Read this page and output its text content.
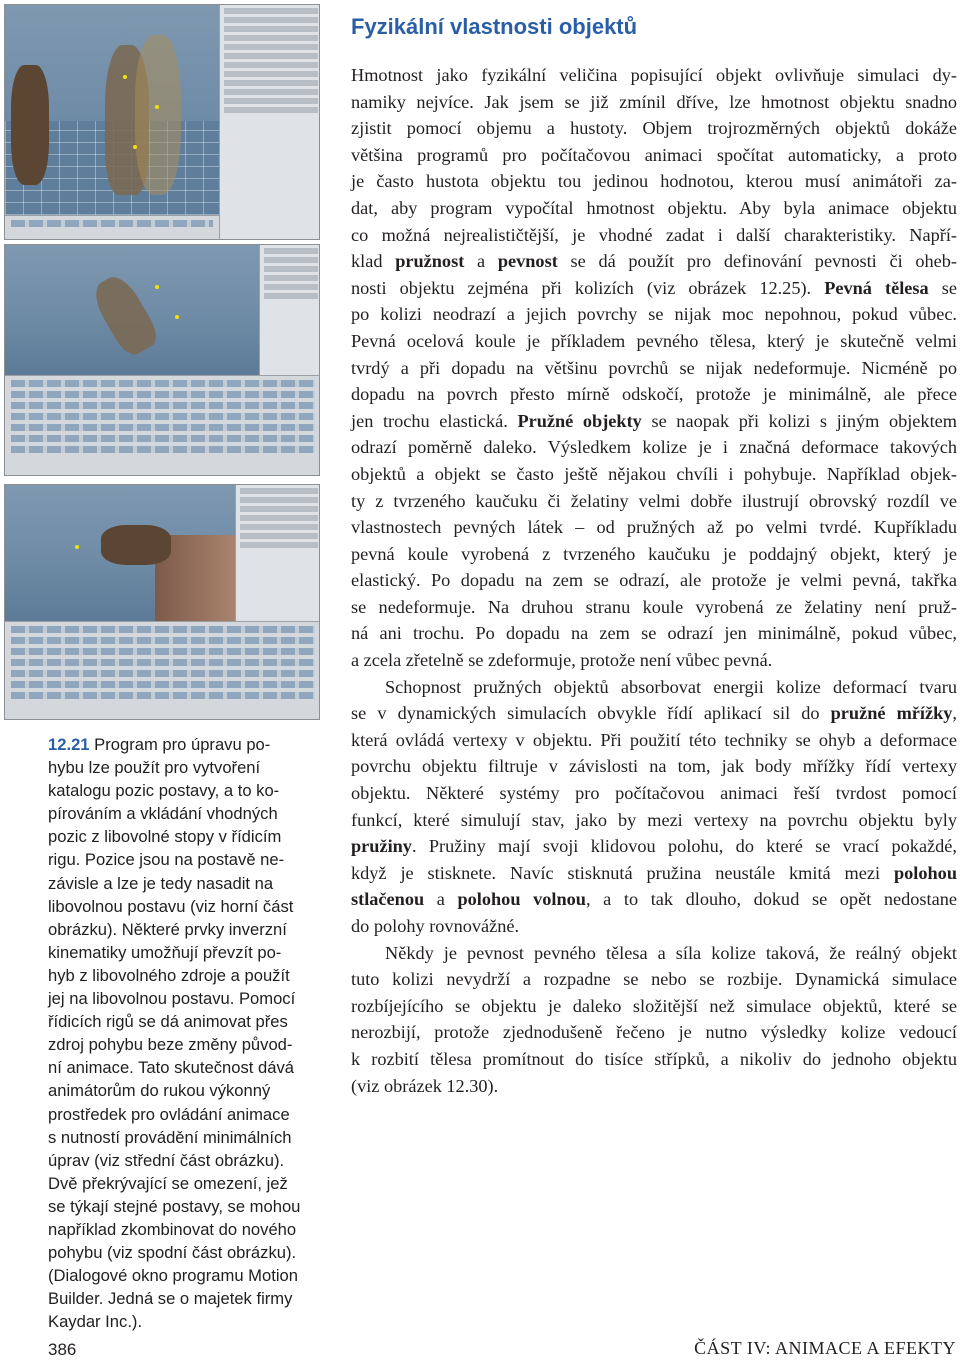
12.21 Program pro úpravu po-
hybu lze použít pro vytvoření
katalogu pozic postavy, a to ko-
pírováním a vkládání vhodných
pozic z libovolné stopy v řídicím
rigu. Pozice jsou na postavě ne-
závisle a lze je tedy nasadit na
libovolnou postavu (viz horní část
obrázku). Některé prvky inverzní
kinematiky umožňují převzít po-
hyb z libovolného zdroje a použít
jej na libovolnou postavu. Pomocí
řídicích rigů se dá animovat přes
zdroj pohybu beze změny původ-
ní animace. Tato skutečnost dává
animátorům do rukou výkonný
prostředek pro ovládání animace
s nutností provádění minimálních
úprav (viz střední část obrázku).
Dvě překrývající se omezení, jež
se týkají stejné postavy, se mohou
například zkombinovat do nového
pohybu (viz spodní část obrázku).
(Dialogové okno programu Motion
Builder. Jedná se o majetek firmy
Kaydar Inc.).

Fyzikální vlastnosti objektů
Hmotnost jako fyzikální veličina popisující objekt ovlivňuje simulaci dy-
namiky nejvíce. Jak jsem se již zmínil dříve, lze hmotnost objektu snadno
zjistit pomocí objemu a hustoty. Objem trojrozměrných objektů dokáže
většina programů pro počítačovou animaci spočítat automaticky, a proto
je často hustota objektu tou jedinou hodnotou, kterou musí animátoři za-
dat, aby program vypočítal hmotnost objektu. Aby byla animace objektu
co možná nejrealističtější, je vhodné zadat i další charakteristiky. Napří-
klad pružnost a pevnost se dá použít pro definování pevnosti či oheb-
nosti objektu zejména při kolizích (viz obrázek 12.25). Pevná tělesa se
po kolizi neodrazí a jejich povrchy se nijak moc nepohnou, pokud vůbec.
Pevná ocelová koule je příkladem pevného tělesa, který je skutečně velmi
tvrdý a při dopadu na většinu povrchů se nijak nedeformuje. Nicméně po
dopadu na povrch přesto mírně odskočí, protože je minimálně, ale přece
jen trochu elastická. Pružné objekty se naopak při kolizi s jiným objektem
odrazí poměrně daleko. Výsledkem kolize je i značná deformace takových
objektů a objekt se často ještě nějakou chvíli i pohybuje. Například objek-
ty z tvrzeného kaučuku či želatiny velmi dobře ilustrují obrovský rozdíl ve
vlastnostech pevných látek – od pružných až po velmi tvrdé. Kupříkladu
pevná koule vyrobená z tvrzeného kaučuku je poddajný objekt, který je
elastický. Po dopadu na zem se odrazí, ale protože je velmi pevná, takřka
se nedeformuje. Na druhou stranu koule vyrobená ze želatiny není pruž-
ná ani trochu. Po dopadu na zem se odrazí jen minimálně, pokud vůbec,
a zcela zřetelně se zdeformuje, protože není vůbec pevná.
Schopnost pružných objektů absorbovat energii kolize deformací tvaru
se v dynamických simulacích obvykle řídí aplikací sil do pružné mřížky,
která ovládá vertexy v objektu. Při použití této techniky se ohyb a deformace
povrchu objektu filtruje v závislosti na tom, jak body mřížky řídí vertexy
objektu. Některé systémy pro počítačovou animaci řeší tvrdost pomocí
funkcí, které simulují stav, jako by mezi vertexy na povrchu objektu byly
pružiny. Pružiny mají svoji klidovou polohu, do které se vrací pokaždé,
když je stisknete. Navíc stisknutá pružina neustále kmitá mezi polohou
stlačenou a polohou volnou, a to tak dlouho, dokud se opět nedostane
do polohy rovnovážné.
Někdy je pevnost pevného tělesa a síla kolize taková, že reálný objekt
tuto kolizi nevydrží a rozpadne se nebo se rozbije. Dynamická simulace
rozbíjejícího se objektu je daleko složitější než simulace objektů, které se
nerozbijí, protože zjednodušeně řečeno je nutno výsledky kolize vedoucí
k rozbití tělesa promítnout do tisíce střípků, a nikoliv do jednoho objektu
(viz obrázek 12.30).

386	ČÁST IV: ANIMACE A EFEKTY
